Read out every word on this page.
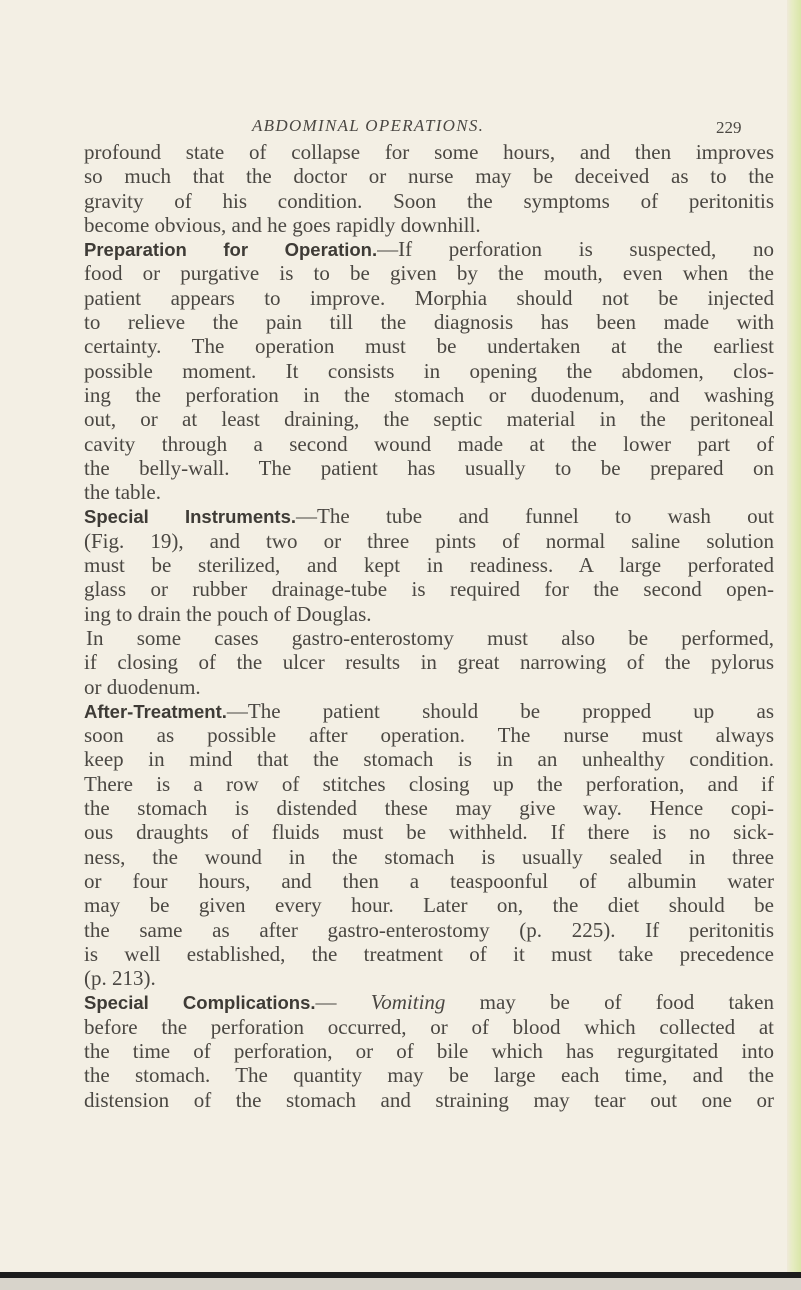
ABDOMINAL OPERATIONS.	229
profound state of collapse for some hours, and then improves
so much that the doctor or nurse may be deceived as to the
gravity of his condition. Soon the symptoms of peritonitis
become obvious, and he goes rapidly downhill.
Preparation for Operation.—If perforation is suspected, no
food or purgative is to be given by the mouth, even when the
patient appears to improve. Morphia should not be injected
to relieve the pain till the diagnosis has been made with
certainty. The operation must be undertaken at the earliest
possible moment. It consists in opening the abdomen, clos-
ing the perforation in the stomach or duodenum, and washing
out, or at least draining, the septic material in the peritoneal
cavity through a second wound made at the lower part of
the belly-wall. The patient has usually to be prepared on
the table.
Special Instruments.—The tube and funnel to wash out
(Fig. 19), and two or three pints of normal saline solution
must be sterilized, and kept in readiness. A large perforated
glass or rubber drainage-tube is required for the second open-
ing to drain the pouch of Douglas.
In some cases gastro-enterostomy must also be performed,
if closing of the ulcer results in great narrowing of the pylorus
or duodenum.
After-Treatment.—The patient should be propped up as
soon as possible after operation. The nurse must always
keep in mind that the stomach is in an unhealthy condition.
There is a row of stitches closing up the perforation, and if
the stomach is distended these may give way. Hence copi-
ous draughts of fluids must be withheld. If there is no sick-
ness, the wound in the stomach is usually sealed in three
or four hours, and then a teaspoonful of albumin water
may be given every hour. Later on, the diet should be
the same as after gastro-enterostomy (p. 225). If peritonitis
is well established, the treatment of it must take precedence
(p. 213).
Special Complications.— Vomiting may be of food taken
before the perforation occurred, or of blood which collected at
the time of perforation, or of bile which has regurgitated into
the stomach. The quantity may be large each time, and the
distension of the stomach and straining may tear out one or
